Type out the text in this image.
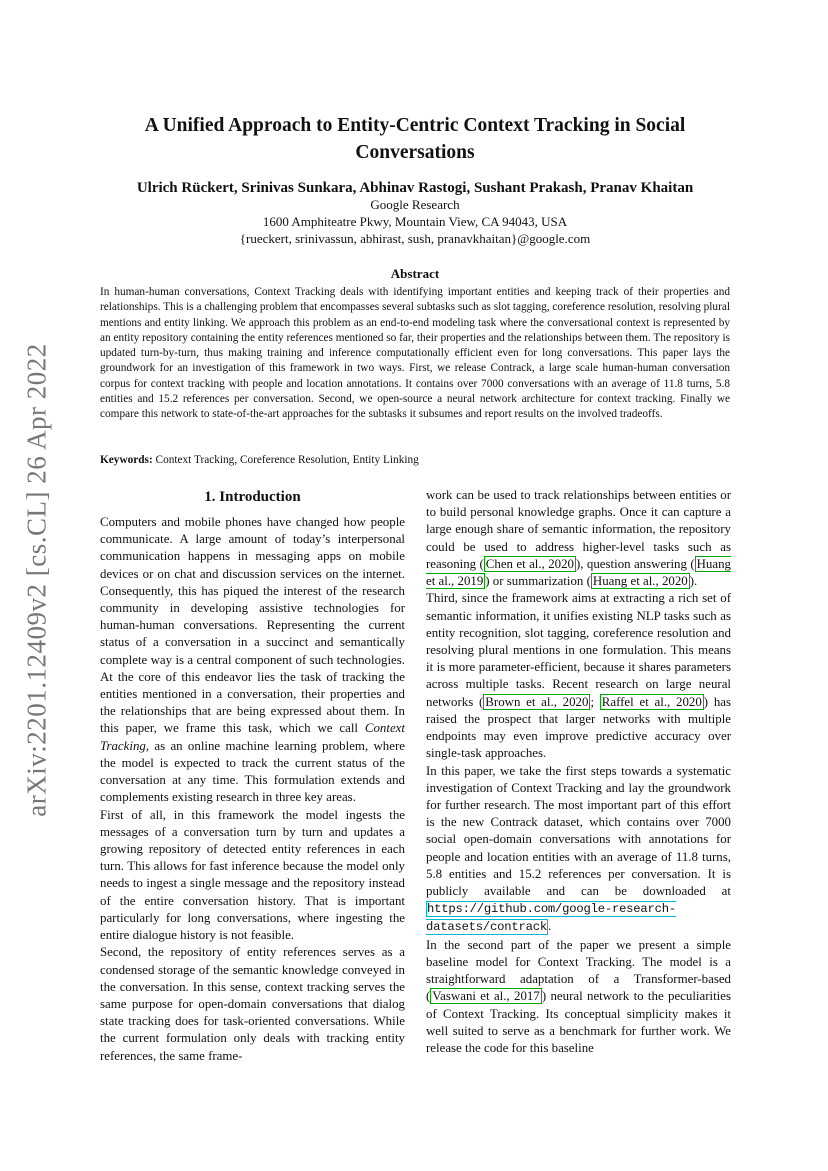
arXiv:2201.12409v2 [cs.CL] 26 Apr 2022
A Unified Approach to Entity-Centric Context Tracking in Social Conversations
Ulrich Rückert, Srinivas Sunkara, Abhinav Rastogi, Sushant Prakash, Pranav Khaitan
Google Research
1600 Amphiteatre Pkwy, Mountain View, CA 94043, USA
{rueckert, srinivassun, abhirast, sush, pranavkhaitan}@google.com
Abstract

In human-human conversations, Context Tracking deals with identifying important entities and keeping track of their properties and relationships. This is a challenging problem that encompasses several subtasks such as slot tagging, coreference resolution, resolving plural mentions and entity linking. We approach this problem as an end-to-end modeling task where the conversational context is represented by an entity repository containing the entity references mentioned so far, their properties and the relationships between them. The repository is updated turn-by-turn, thus making training and inference computationally efficient even for long conversations. This paper lays the groundwork for an investigation of this framework in two ways. First, we release Contrack, a large scale human-human conversation corpus for context tracking with people and location annotations. It contains over 7000 conversations with an average of 11.8 turns, 5.8 entities and 15.2 references per conversation. Second, we open-source a neural network architecture for context tracking. Finally we compare this network to state-of-the-art approaches for the subtasks it subsumes and report results on the involved tradeoffs.

Keywords: Context Tracking, Coreference Resolution, Entity Linking
1. Introduction

Computers and mobile phones have changed how people communicate. A large amount of today’s interpersonal communication happens in messaging apps on mobile devices or on chat and discussion services on the internet. Consequently, this has piqued the interest of the research community in developing assistive technologies for human-human conversations. Representing the current status of a conversation in a succinct and semantically complete way is a central component of such technologies. At the core of this endeavor lies the task of tracking the entities mentioned in a conversation, their properties and the relationships that are being expressed about them. In this paper, we frame this task, which we call Context Tracking, as an online machine learning problem, where the model is expected to track the current status of the conversation at any time. This formulation extends and complements existing research in three key areas.

First of all, in this framework the model ingests the messages of a conversation turn by turn and updates a growing repository of detected entity references in each turn. This allows for fast inference because the model only needs to ingest a single message and the repository instead of the entire conversation history. That is important particularly for long conversations, where ingesting the entire dialogue history is not feasible.

Second, the repository of entity references serves as a condensed storage of the semantic knowledge conveyed in the conversation. In this sense, context tracking serves the same purpose for open-domain conversations that dialog state tracking does for task-oriented conversations. While the current formulation only deals with tracking entity references, the same frame-

work can be used to track relationships between entities or to build personal knowledge graphs. Once it can capture a large enough share of semantic information, the repository could be used to address higher-level tasks such as reasoning ( Chen et al., 2020 ), question answering ( Huang et al., 2019 ) or summarization ( Huang et al., 2020 ).

Third, since the framework aims at extracting a rich set of semantic information, it unifies existing NLP tasks such as entity recognition, slot tagging, coreference resolution and resolving plural mentions in one formulation. This means it is more parameter-efficient, because it shares parameters across multiple tasks. Recent research on large neural networks ( Brown et al., 2020 ; Raffel et al., 2020 ) has raised the prospect that larger networks with multiple endpoints may even improve predictive accuracy over single-task approaches.

In this paper, we take the first steps towards a systematic investigation of Context Tracking and lay the groundwork for further research. The most important part of this effort is the new Contrack dataset, which contains over 7000 social open-domain conversations with annotations for people and location entities with an average of 11.8 turns, 5.8 entities and 15.2 references per conversation. It is publicly available and can be downloaded at https://github.com/google-research-datasets/contrack.

In the second part of the paper we present a simple baseline model for Context Tracking. The model is a straightforward adaptation of a Transformer-based ( Vaswani et al., 2017 ) neural network to the peculiarities of Context Tracking. Its conceptual simplicity makes it well suited to serve as a benchmark for further work. We release the code for this baseline
